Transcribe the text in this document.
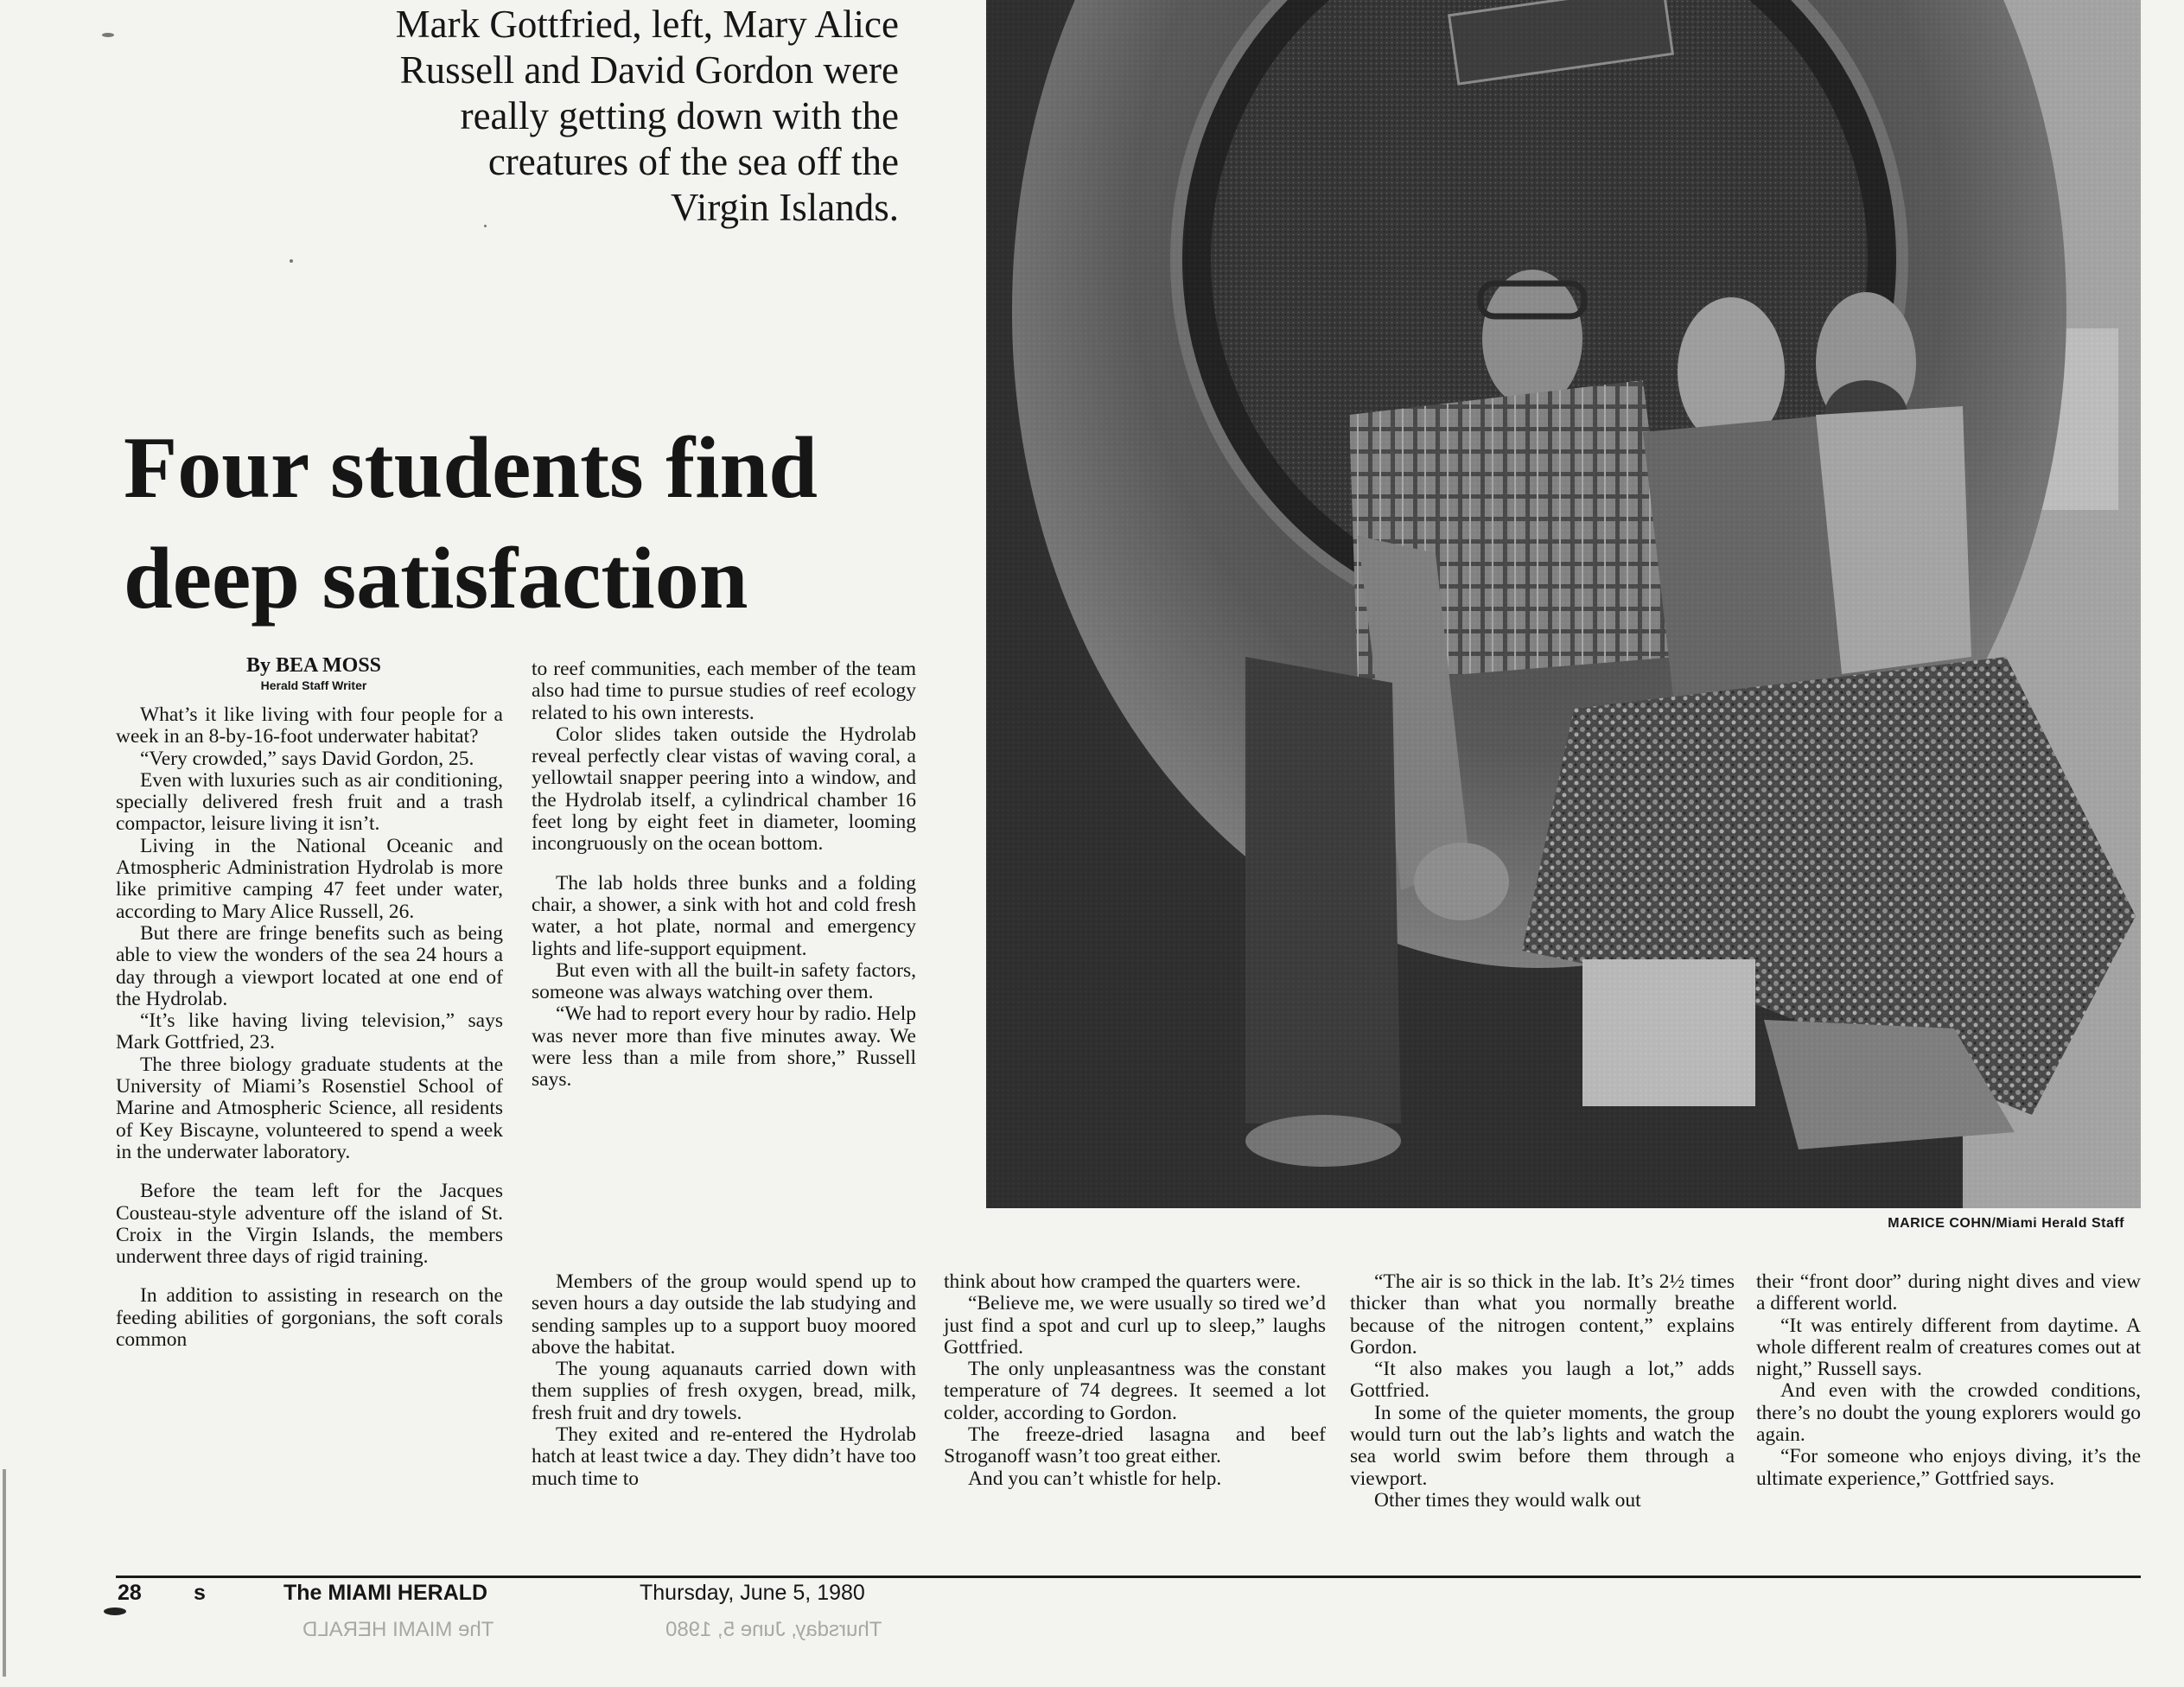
Mark Gottfried, left, Mary Alice
Russell and David Gordon were
really getting down with the
creatures of the sea off the
Virgin Islands.
MARICE COHN/Miami Herald Staff
Four students find
deep satisfaction
By BEA MOSS
Herald Staff Writer

What’s it like living with four people for a week in an 8-by-16-foot underwater habitat?

“Very crowded,” says David Gordon, 25.

Even with luxuries such as air conditioning, specially delivered fresh fruit and a trash compactor, leisure living it isn’t.

Living in the National Oceanic and Atmospheric Administration Hydrolab is more like primitive camping 47 feet under water, according to Mary Alice Russell, 26.

But there are fringe benefits such as being able to view the wonders of the sea 24 hours a day through a viewport located at one end of the Hydrolab.

“It’s like having living television,” says Mark Gottfried, 23.

The three biology graduate students at the University of Miami’s Rosenstiel School of Marine and Atmospheric Science, all residents of Key Biscayne, volunteered to spend a week in the underwater laboratory.

Before the team left for the Jacques Cousteau-style adventure off the island of St. Croix in the Virgin Islands, the members underwent three days of rigid training.

In addition to assisting in research on the feeding abilities of gorgonians, the soft corals common

to reef communities, each member of the team also had time to pursue studies of reef ecology related to his own interests.

Color slides taken outside the Hydrolab reveal perfectly clear vistas of waving coral, a yellowtail snapper peering into a window, and the Hydrolab itself, a cylindrical chamber 16 feet long by eight feet in diameter, looming incongruously on the ocean bottom.

The lab holds three bunks and a folding chair, a shower, a sink with hot and cold fresh water, a hot plate, normal and emergency lights and life-support equipment.

But even with all the built-in safety factors, someone was always watching over them.

“We had to report every hour by radio. Help was never more than five minutes away. We were less than a mile from shore,” Russell says.

Members of the group would spend up to seven hours a day outside the lab studying and sending samples up to a support buoy moored above the habitat.

The young aquanauts carried down with them supplies of fresh oxygen, bread, milk, fresh fruit and dry towels.

They exited and re-entered the Hydrolab hatch at least twice a day. They didn’t have too much time to

think about how cramped the quarters were.

“Believe me, we were usually so tired we’d just find a spot and curl up to sleep,” laughs Gottfried.

The only unpleasantness was the constant temperature of 74 degrees. It seemed a lot colder, according to Gordon.

The freeze-dried lasagna and beef Stroganoff wasn’t too great either.

And you can’t whistle for help.

“The air is so thick in the lab. It’s 2½ times thicker than what you normally breathe because of the nitrogen content,” explains Gordon.

“It also makes you laugh a lot,” adds Gottfried.

In some of the quieter moments, the group would turn out the lab’s lights and watch the sea world swim before them through a viewport.

Other times they would walk out

their “front door” during night dives and view a different world.

“It was entirely different from daytime. A whole different realm of creatures comes out at night,” Russell says.

And even with the crowded conditions, there’s no doubt the young explorers would go again.

“For someone who enjoys diving, it’s the ultimate experience,” Gottfried says.

28 s	The MIAMI HERALD	Thursday, June 5, 1980
The MIAMI HERALD	Thursday, June 5, 1980
